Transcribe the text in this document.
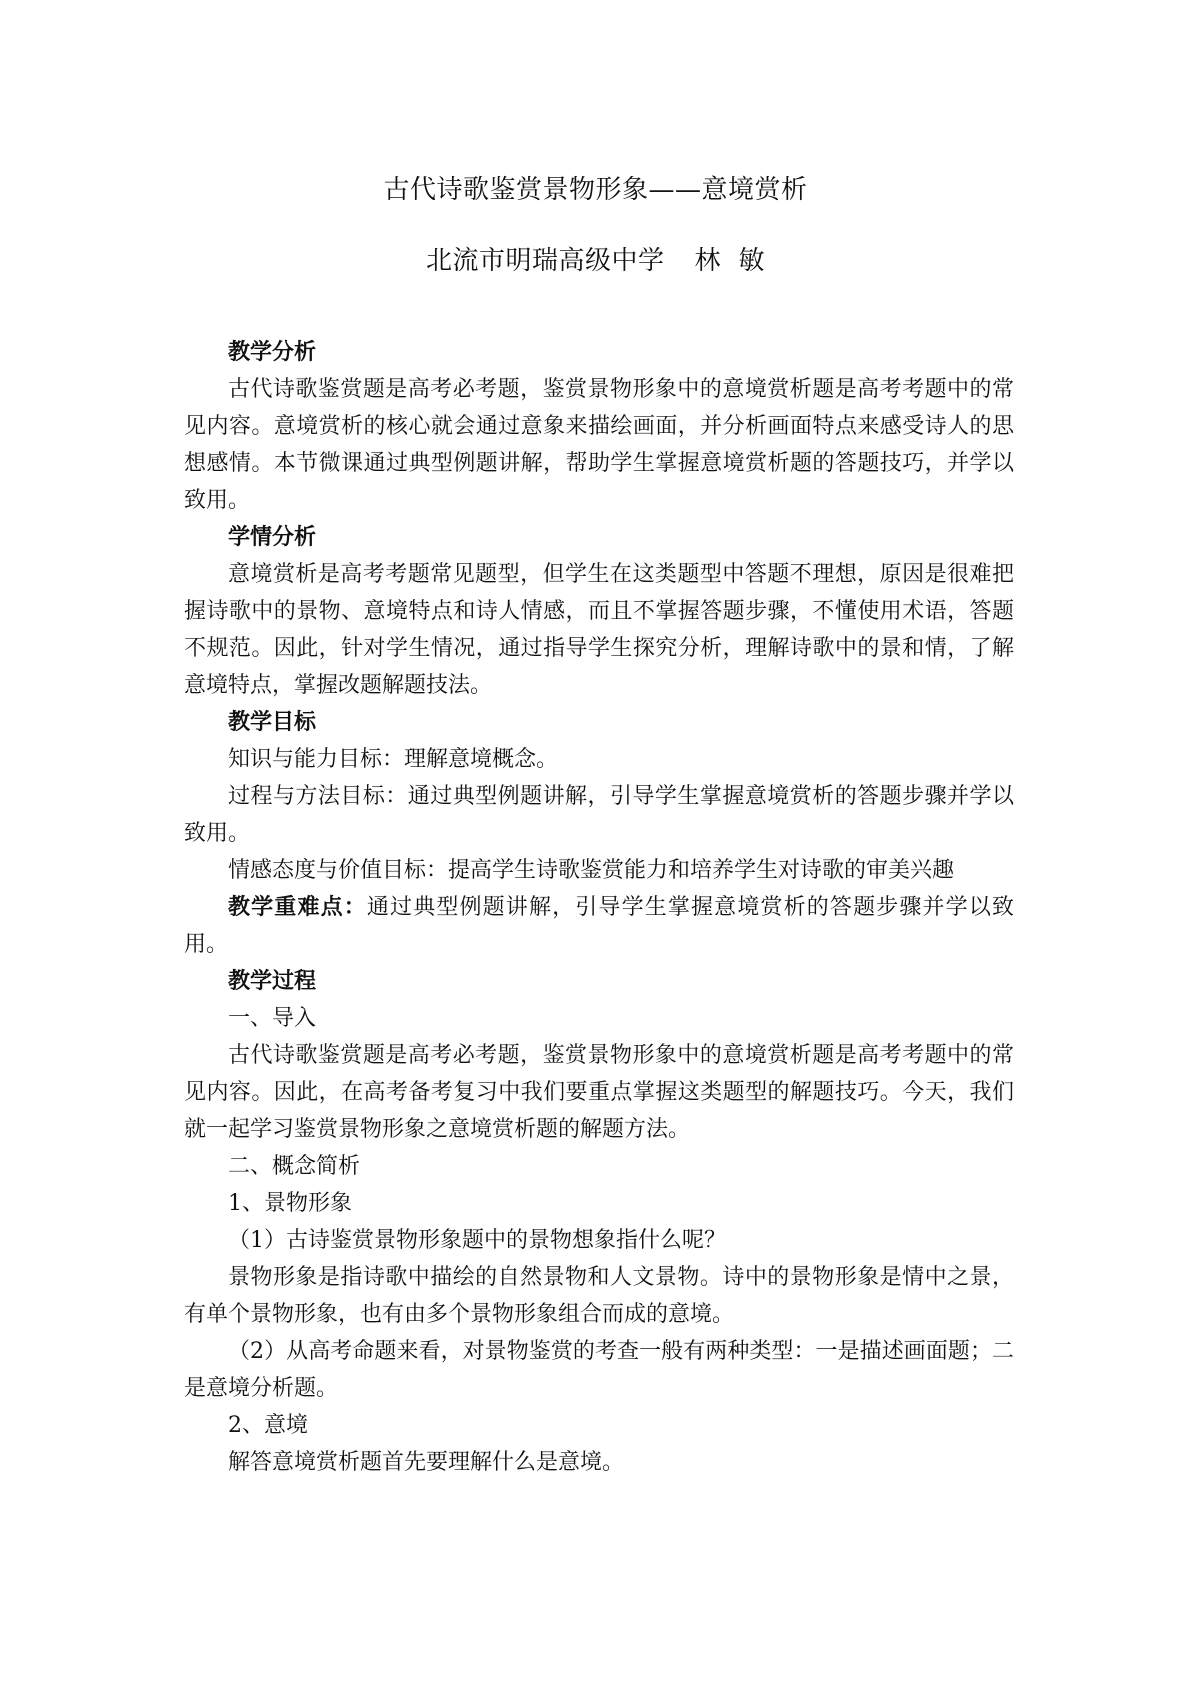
古代诗歌鉴赏景物形象——意境赏析
北流市明瑞高级中学 林  敏

教学分析

古代诗歌鉴赏题是高考必考题，鉴赏景物形象中的意境赏析题是高考考题中的常见内容。意境赏析的核心就会通过意象来描绘画面，并分析画面特点来感受诗人的思想感情。本节微课通过典型例题讲解，帮助学生掌握意境赏析题的答题技巧，并学以致用。

学情分析

意境赏析是高考考题常见题型，但学生在这类题型中答题不理想，原因是很难把握诗歌中的景物、意境特点和诗人情感，而且不掌握答题步骤，不懂使用术语，答题不规范。因此，针对学生情况，通过指导学生探究分析，理解诗歌中的景和情，了解意境特点，掌握改题解题技法。

教学目标

知识与能力目标：理解意境概念。

过程与方法目标：通过典型例题讲解，引导学生掌握意境赏析的答题步骤并学以致用。

情感态度与价值目标：提高学生诗歌鉴赏能力和培养学生对诗歌的审美兴趣

教学重难点：通过典型例题讲解，引导学生掌握意境赏析的答题步骤并学以致用。

教学过程

一、导入

古代诗歌鉴赏题是高考必考题，鉴赏景物形象中的意境赏析题是高考考题中的常见内容。因此，在高考备考复习中我们要重点掌握这类题型的解题技巧。今天，我们就一起学习鉴赏景物形象之意境赏析题的解题方法。

二、概念简析

1、景物形象

（1）古诗鉴赏景物形象题中的景物想象指什么呢？

景物形象是指诗歌中描绘的自然景物和人文景物。诗中的景物形象是情中之景，有单个景物形象，也有由多个景物形象组合而成的意境。

（2）从高考命题来看，对景物鉴赏的考查一般有两种类型：一是描述画面题；二是意境分析题。

2、意境

解答意境赏析题首先要理解什么是意境。
